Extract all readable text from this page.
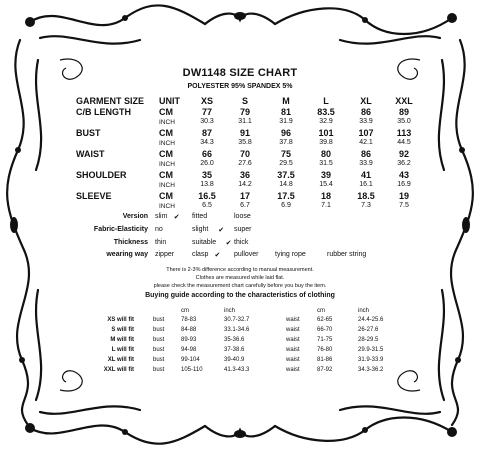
DW1148 SIZE CHART
POLYESTER 95% SPANDEX 5%
GARMENT SIZE UNIT	XS	S	M	L	XL	XXL
C/B LENGTH	CM	77	79	81	83.5	86	89
INCH	30.3	31.1	31.9	32.9	33.9	35.0
BUST	CM	87	91	96	101	107	113
INCH	34.3	35.8	37.8	39.8	42.1	44.5
WAIST	CM	66	70	75	80	86	92
INCH	26.0	27.6	29.5	31.5	33.9	36.2
SHOULDER	CM	35	36	37.5	39	41	43
INCH	13.8	14.2	14.8	15.4	16.1	16.9
SLEEVE	CM	16.5	17	17.5	18	18.5	19
INCH	6.5	6.7	6.9	7.1	7.3	7.5
Version slim ✔ fitted	loose
Fabric-Elasticity no	slight ✔ super
Thickness thin	suitable ✔ thick
wearing way zipper	clasp ✔ pullover tying rope	rubber string
There is 2-3% difference according to manual measurement.
Clothes are measured while laid flat.
please check the measurement chart carefully before you buy the item.
Buying guide according to the characteristics of clothing
cm	inch	cm	inch
XS will fit	bust	78-83	30.7-32.7	waist	62-65	24.4-25.6
S will fit	bust	84-88	33.1-34.6	waist	66-70	26-27.6
M will fit	bust	89-93	35-36.6	waist	71-75	28-29.5
L will fit	bust	94-98	37-38.6	waist	76-80	29.9-31.5
XL will fit	bust	99-104	39-40.9	waist	81-86	31.9-33.9
XXL will fit	bust	105-110	41.3-43.3	waist	87-92	34.3-36.2
